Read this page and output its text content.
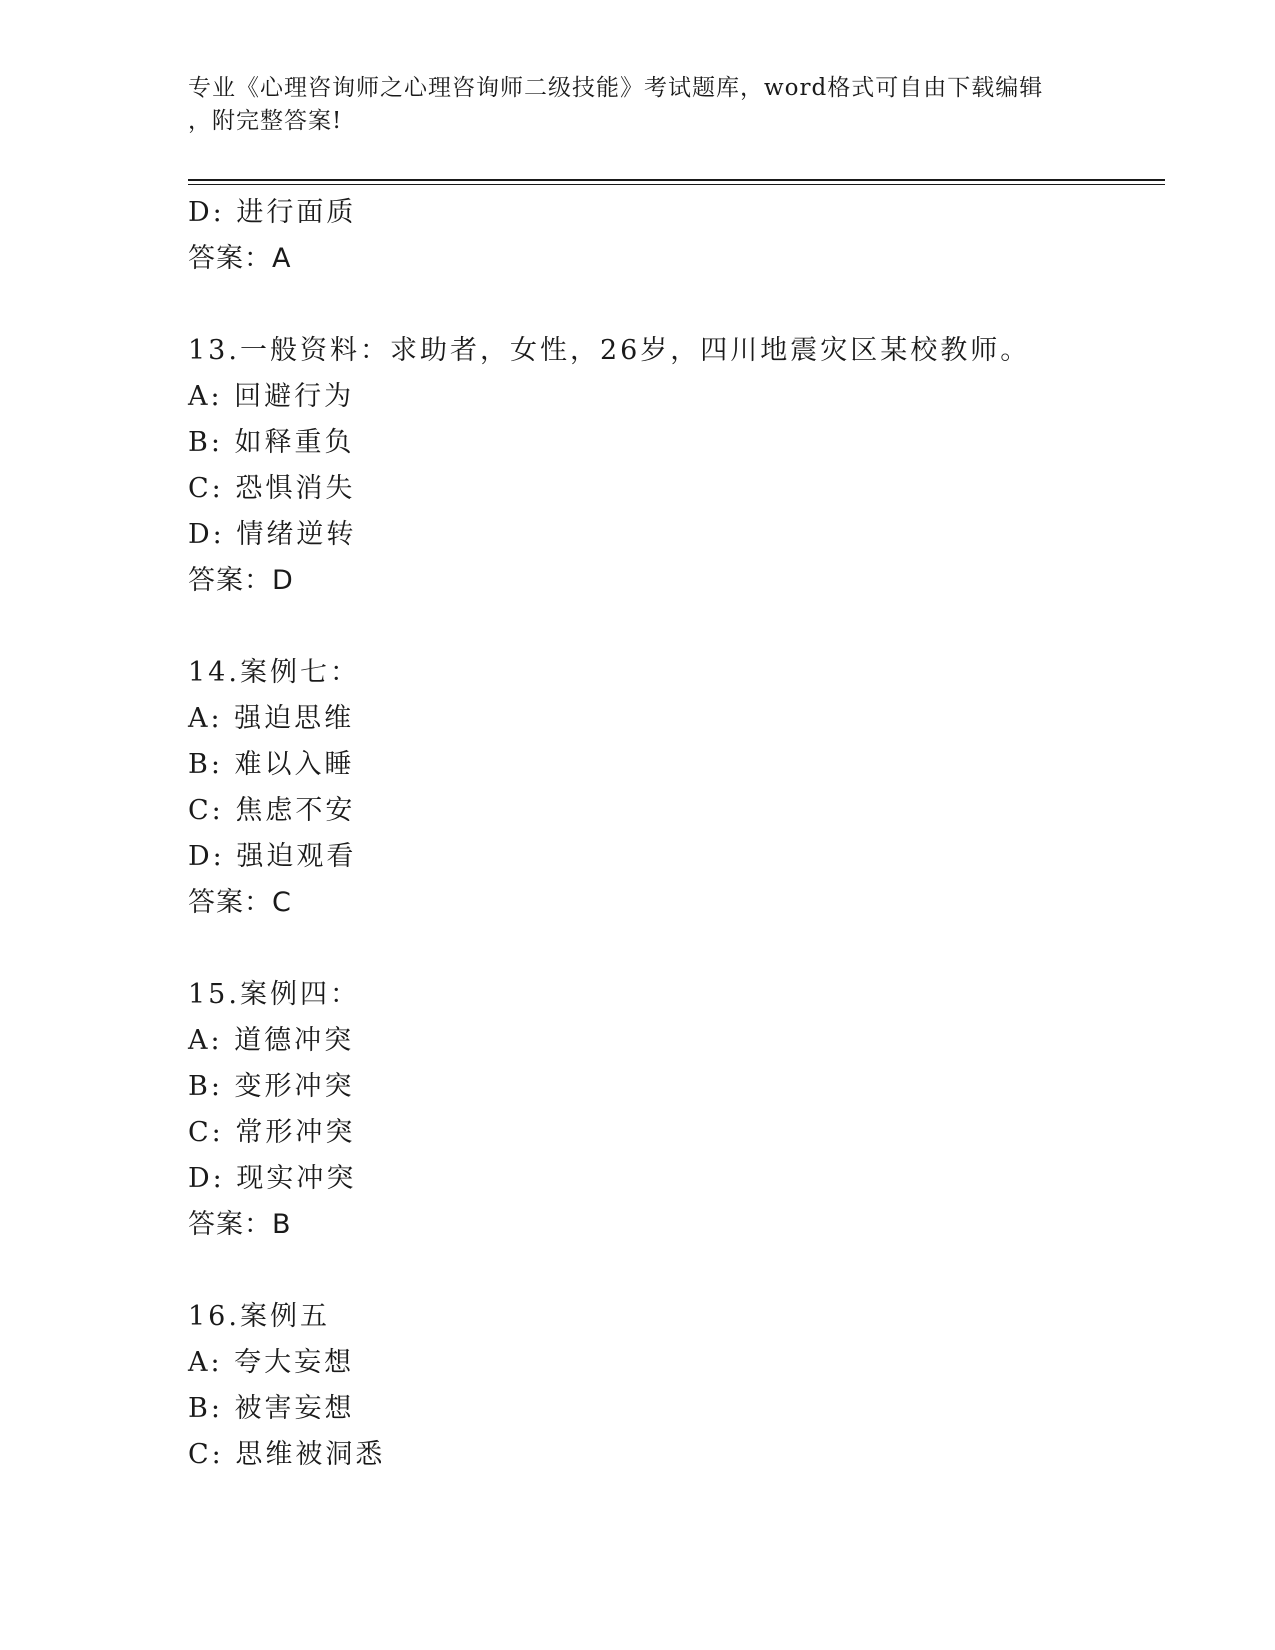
专业《心理咨询师之心理咨询师二级技能》考试题库，word格式可自由下载编辑
，附完整答案!
D: 进行面质
答案：A
13.一般资料：求助者，女性，26岁，四川地震灾区某校教师。
A: 回避行为
B: 如释重负
C: 恐惧消失
D: 情绪逆转
答案：D
14.案例七：
A: 强迫思维
B: 难以入睡
C: 焦虑不安
D: 强迫观看
答案：C
15.案例四：
A: 道德冲突
B: 变形冲突
C: 常形冲突
D: 现实冲突
答案：B
16.案例五
A: 夸大妄想
B: 被害妄想
C: 思维被洞悉
